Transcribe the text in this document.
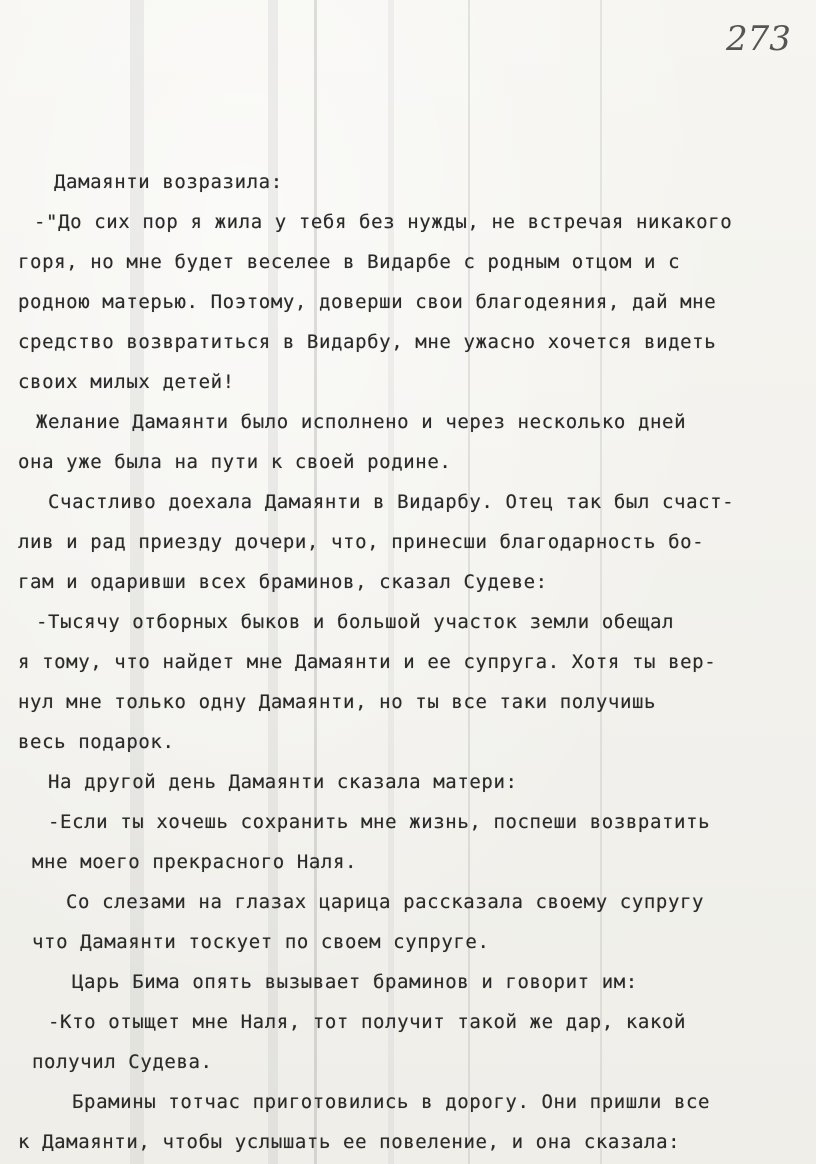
273
Дамаянти возразила:
-"До сих пор я жила у тебя без нужды, не встречая никакого
горя, но мне будет веселее в Видарбе с родным отцом и с
родною матерью. Поэтому, доверши свои благодеяния, дай мне
средство возвратиться в Видарбу, мне ужасно хочется видеть
своих милых детей!
Желание Дамаянти было исполнено и через несколько дней
она уже была на пути к своей родине.
Счастливо доехала Дамаянти в Видарбу. Отец так был счаст-
лив и рад приезду дочери, что, принесши благодарность бо-
гам и одаривши всех браминов, сказал Судеве:
-Тысячу отборных быков и большой участок земли обещал
я тому, что найдет мне Дамаянти и ее супруга. Хотя ты вер-
нул мне только одну Дамаянти, но ты все таки получишь
весь подарок.
На другой день Дамаянти сказала матери:
-Если ты хочешь сохранить мне жизнь, поспеши возвратить
мне моего прекрасного Наля.
Со слезами на глазах царица рассказала своему супругу
что Дамаянти тоскует по своем супруге.
Царь Бима опять вызывает браминов и говорит им:
-Кто отыщет мне Наля, тот получит такой же дар, какой
получил Судева.
Брамины тотчас приготовились в дорогу. Они пришли все
к Дамаянти, чтобы услышать ее повеление, и она сказала:
